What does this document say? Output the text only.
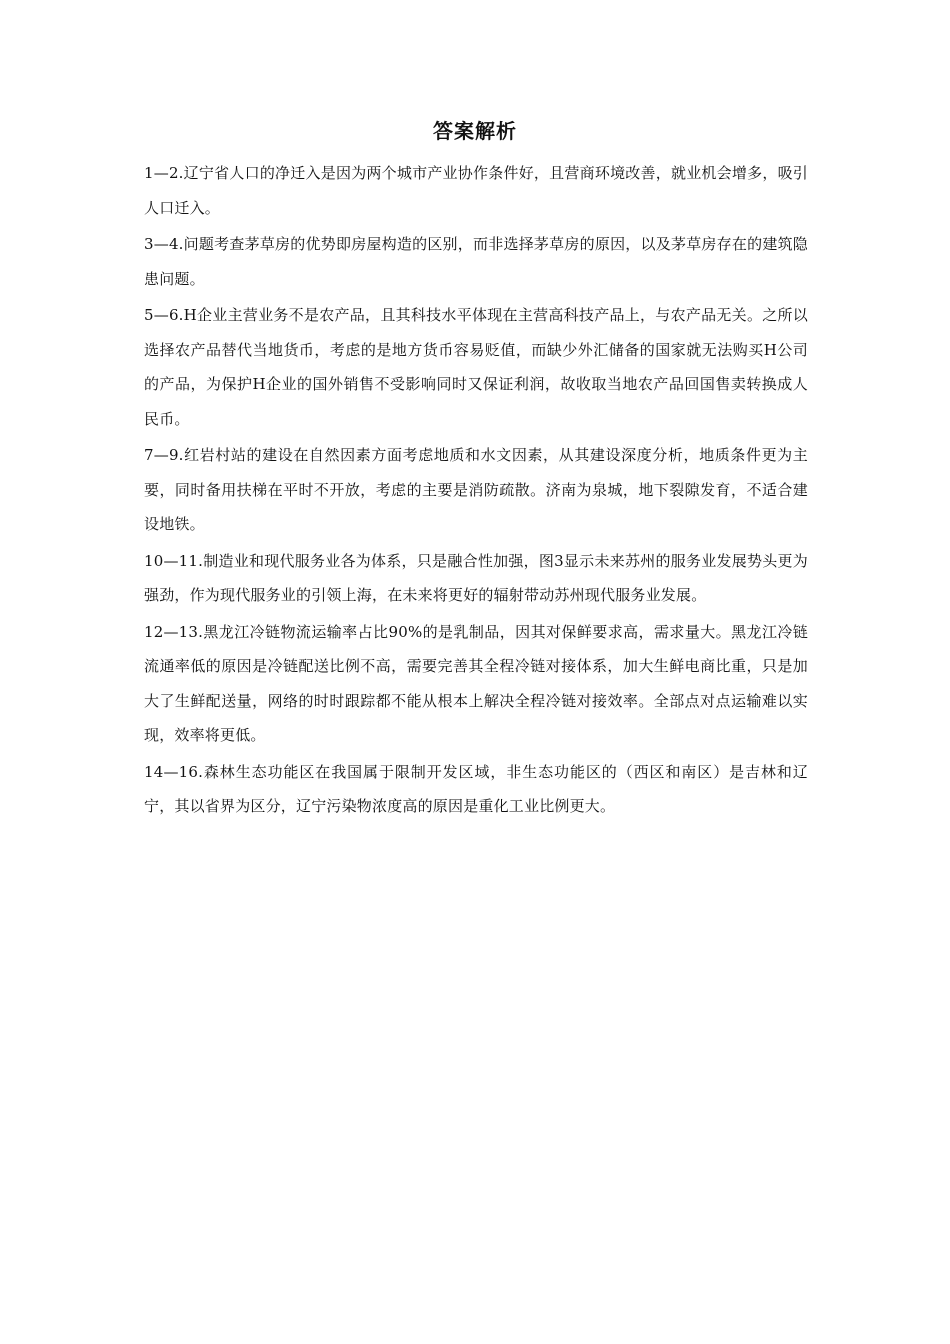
答案解析

1—2.辽宁省人口的净迁入是因为两个城市产业协作条件好，且营商环境改善，就业机会增多，吸引人口迁入。

3—4.问题考查茅草房的优势即房屋构造的区别，而非选择茅草房的原因，以及茅草房存在的建筑隐患问题。

5—6.H企业主营业务不是农产品，且其科技水平体现在主营高科技产品上，与农产品无关。之所以选择农产品替代当地货币，考虑的是地方货币容易贬值，而缺少外汇储备的国家就无法购买H公司的产品，为保护H企业的国外销售不受影响同时又保证利润，故收取当地农产品回国售卖转换成人民币。

7—9.红岩村站的建设在自然因素方面考虑地质和水文因素，从其建设深度分析，地质条件更为主要，同时备用扶梯在平时不开放，考虑的主要是消防疏散。济南为泉城，地下裂隙发育，不适合建设地铁。

10—11.制造业和现代服务业各为体系，只是融合性加强，图3显示未来苏州的服务业发展势头更为强劲，作为现代服务业的引领上海，在未来将更好的辐射带动苏州现代服务业发展。

12—13.黑龙江冷链物流运输率占比90%的是乳制品，因其对保鲜要求高，需求量大。黑龙江冷链流通率低的原因是冷链配送比例不高，需要完善其全程冷链对接体系，加大生鲜电商比重，只是加大了生鲜配送量，网络的时时跟踪都不能从根本上解决全程冷链对接效率。全部点对点运输难以实现，效率将更低。

14—16.森林生态功能区在我国属于限制开发区域，非生态功能区的（西区和南区）是吉林和辽宁，其以省界为区分，辽宁污染物浓度高的原因是重化工业比例更大。
